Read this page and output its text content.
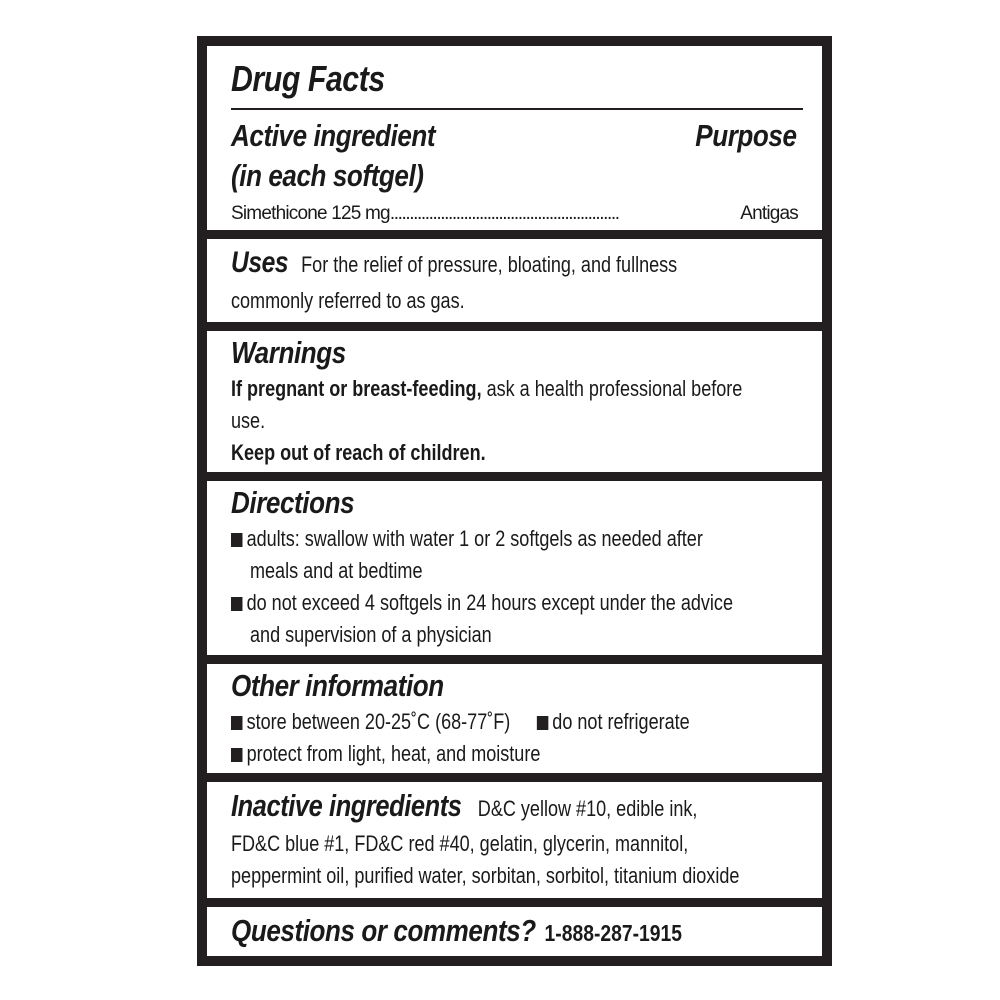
Drug Facts
Active ingredient	Purpose
(in each softgel)
Simethicone 125 mg ...........................................................	Antigas
Uses For the relief of pressure, bloating, and fullness
commonly referred to as gas.
Warnings
If pregnant or breast-feeding, ask a health professional before
use.
Keep out of reach of children.
Directions
adults: swallow with water 1 or 2 softgels as needed after
meals and at bedtime
do not exceed 4 softgels in 24 hours except under the advice
and supervision of a physician
Other information
store between 20-25˚C (68-77˚F) do not refrigerate
protect from light, heat, and moisture
Inactive ingredients D&C yellow #10, edible ink,
FD&C blue #1, FD&C red #40, gelatin, glycerin, mannitol,
peppermint oil, purified water, sorbitan, sorbitol, titanium dioxide
Questions or comments? 1-888-287-1915
